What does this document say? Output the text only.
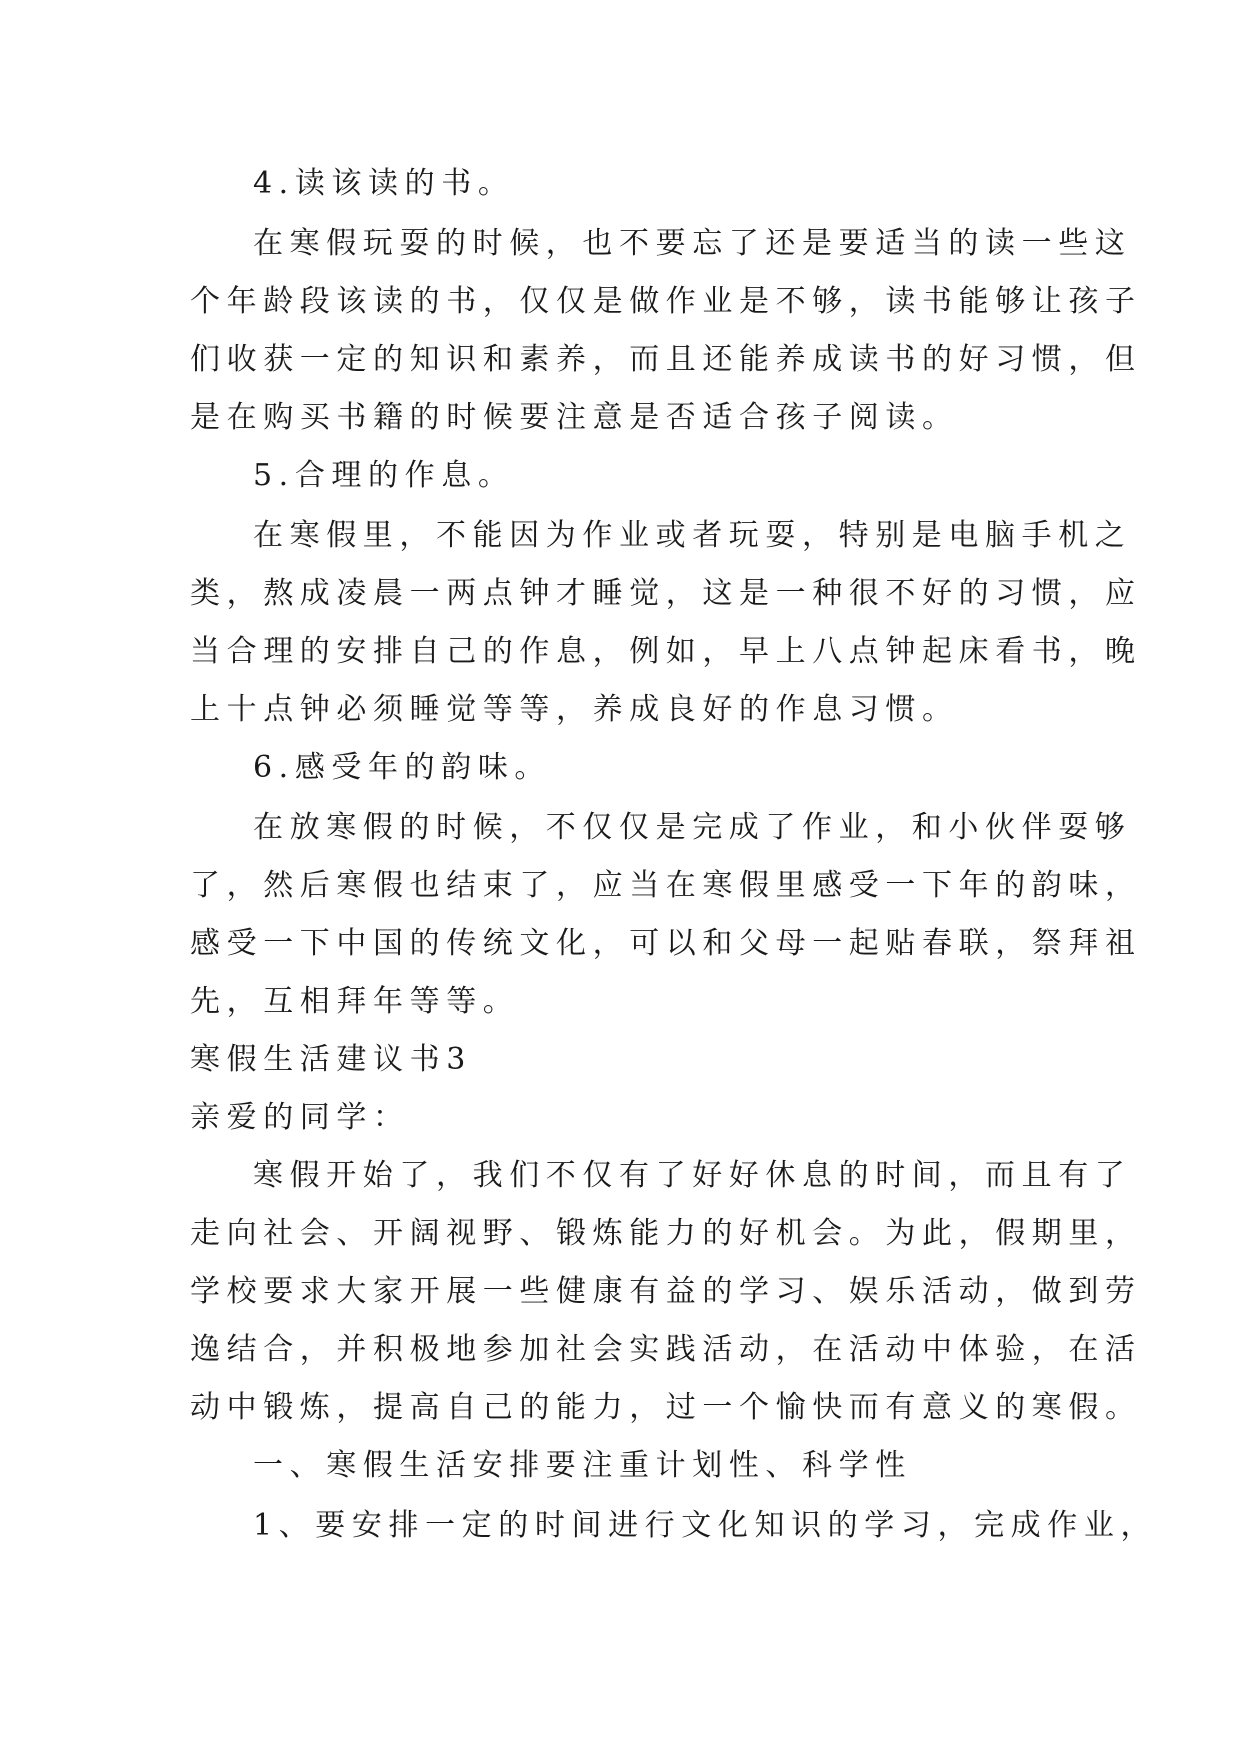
4.读该读的书。
在寒假玩耍的时候，也不要忘了还是要适当的读一些这
个年龄段该读的书，仅仅是做作业是不够，读书能够让孩子
们收获一定的知识和素养，而且还能养成读书的好习惯，但
是在购买书籍的时候要注意是否适合孩子阅读。
5.合理的作息。
在寒假里，不能因为作业或者玩耍，特别是电脑手机之
类，熬成凌晨一两点钟才睡觉，这是一种很不好的习惯，应
当合理的安排自己的作息，例如，早上八点钟起床看书，晚
上十点钟必须睡觉等等，养成良好的作息习惯。
6.感受年的韵味。
在放寒假的时候，不仅仅是完成了作业，和小伙伴耍够
了，然后寒假也结束了，应当在寒假里感受一下年的韵味，
感受一下中国的传统文化，可以和父母一起贴春联，祭拜祖
先，互相拜年等等。
寒假生活建议书3
亲爱的同学：
寒假开始了，我们不仅有了好好休息的时间，而且有了
走向社会、开阔视野、锻炼能力的好机会。为此，假期里，
学校要求大家开展一些健康有益的学习、娱乐活动，做到劳
逸结合，并积极地参加社会实践活动，在活动中体验，在活
动中锻炼，提高自己的能力，过一个愉快而有意义的寒假。
一、寒假生活安排要注重计划性、科学性
1、要安排一定的时间进行文化知识的学习，完成作业，
